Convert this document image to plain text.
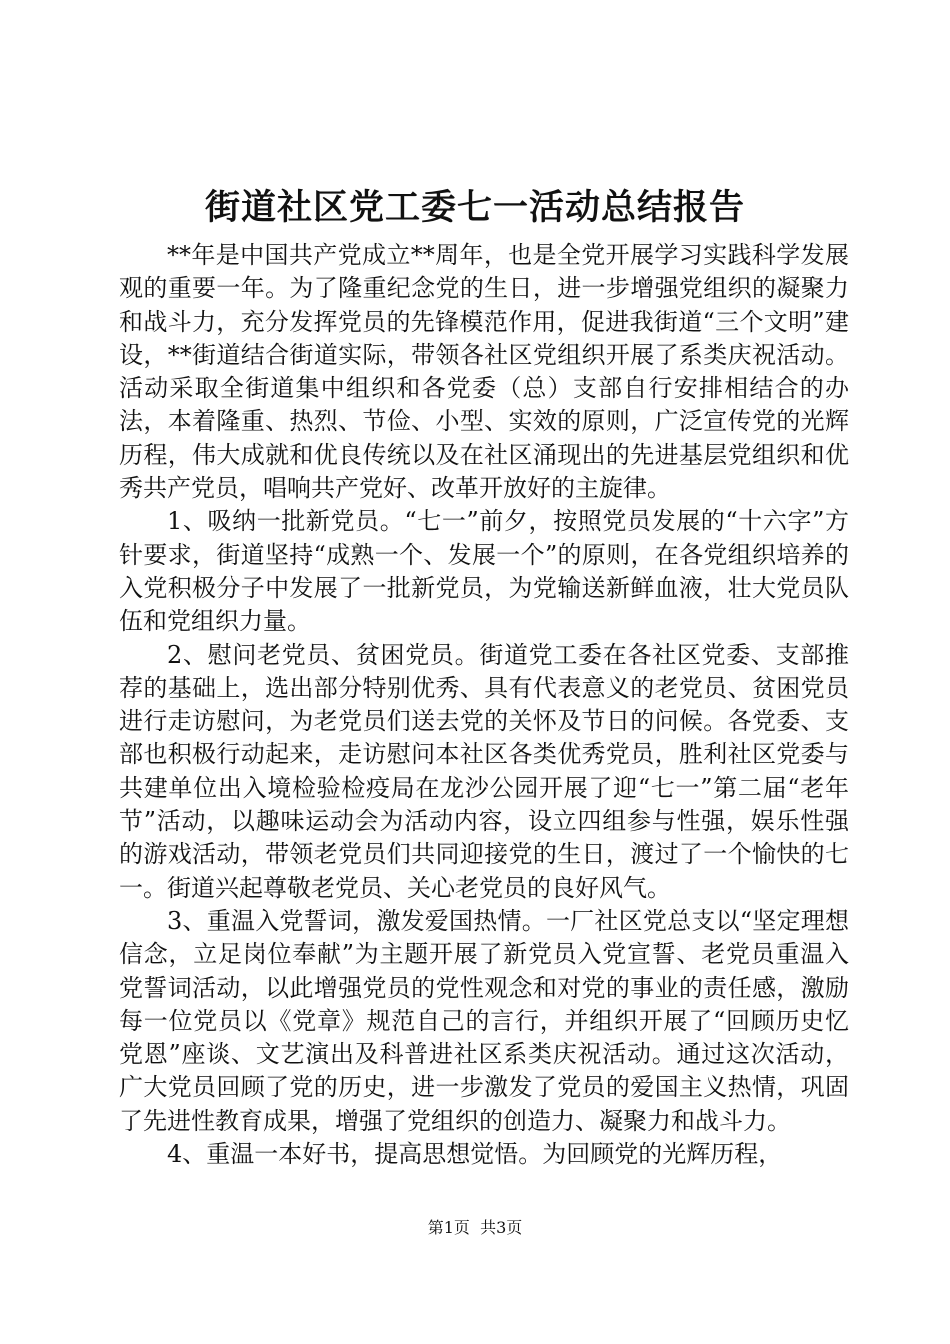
街道社区党工委七一活动总结报告

**年是中国共产党成立**周年，也是全党开展学习实践科学发展观的重要一年。为了隆重纪念党的生日，进一步增强党组织的凝聚力和战斗力，充分发挥党员的先锋模范作用，促进我街道“三个文明”建设，**街道结合街道实际，带领各社区党组织开展了系类庆祝活动。活动采取全街道集中组织和各党委（总）支部自行安排相结合的办法，本着隆重、热烈、节俭、小型、实效的原则，广泛宣传党的光辉历程，伟大成就和优良传统以及在社区涌现出的先进基层党组织和优秀共产党员，唱响共产党好、改革开放好的主旋律。

1、吸纳一批新党员。“七一”前夕，按照党员发展的“十六字”方针要求，街道坚持“成熟一个、发展一个”的原则，在各党组织培养的入党积极分子中发展了一批新党员，为党输送新鲜血液，壮大党员队伍和党组织力量。

2、慰问老党员、贫困党员。街道党工委在各社区党委、支部推荐的基础上，选出部分特别优秀、具有代表意义的老党员、贫困党员进行走访慰问，为老党员们送去党的关怀及节日的问候。各党委、支部也积极行动起来，走访慰问本社区各类优秀党员，胜利社区党委与共建单位出入境检验检疫局在龙沙公园开展了迎“七一”第二届“老年节”活动，以趣味运动会为活动内容，设立四组参与性强，娱乐性强的游戏活动，带领老党员们共同迎接党的生日，渡过了一个愉快的七一。街道兴起尊敬老党员、关心老党员的良好风气。

3、重温入党誓词，激发爱国热情。一厂社区党总支以“坚定理想信念，立足岗位奉献”为主题开展了新党员入党宣誓、老党员重温入党誓词活动，以此增强党员的党性观念和对党的事业的责任感，激励每一位党员以《党章》规范自己的言行，并组织开展了“回顾历史忆党恩”座谈、文艺演出及科普进社区系类庆祝活动。通过这次活动，广大党员回顾了党的历史，进一步激发了党员的爱国主义热情，巩固了先进性教育成果，增强了党组织的创造力、凝聚力和战斗力。

4、重温一本好书，提高思想觉悟。为回顾党的光辉历程，

第1页  共3页
